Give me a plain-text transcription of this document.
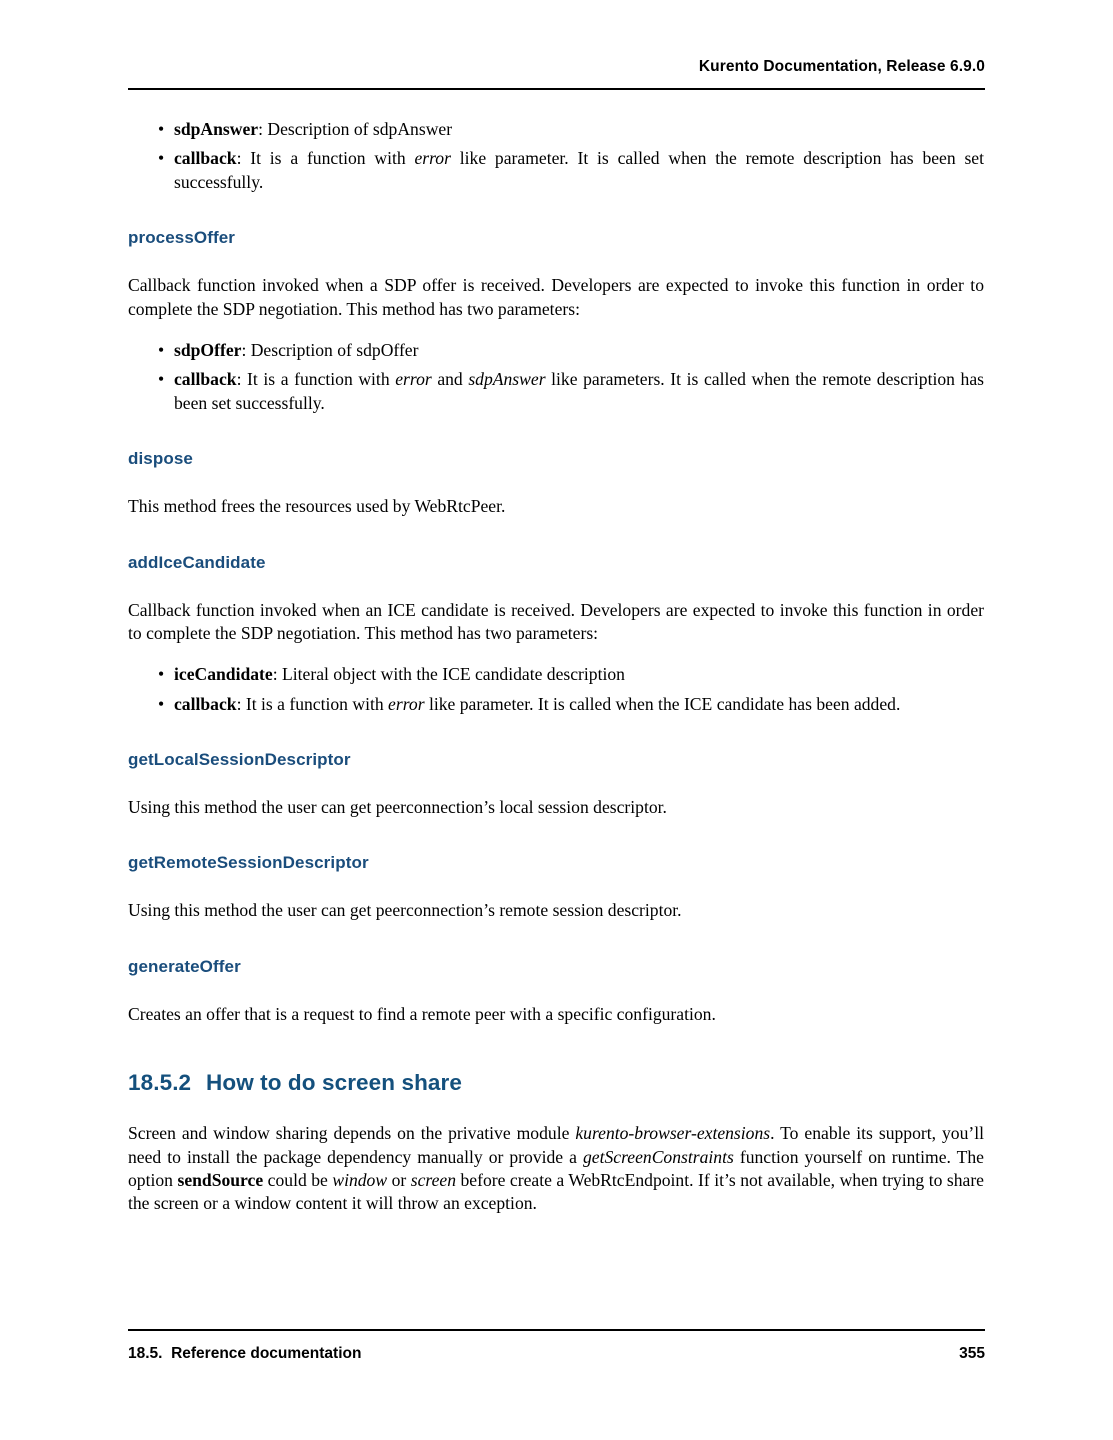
Kurento Documentation, Release 6.9.0
• sdpAnswer: Description of sdpAnswer
• callback: It is a function with error like parameter. It is called when the remote description has been set successfully.
processOffer

Callback function invoked when a SDP offer is received. Developers are expected to invoke this function in order to complete the SDP negotiation. This method has two parameters:

• sdpOffer: Description of sdpOffer
• callback: It is a function with error and sdpAnswer like parameters. It is called when the remote description has been set successfully.
dispose

This method frees the resources used by WebRtcPeer.

addIceCandidate

Callback function invoked when an ICE candidate is received. Developers are expected to invoke this function in order to complete the SDP negotiation. This method has two parameters:

• iceCandidate: Literal object with the ICE candidate description
• callback: It is a function with error like parameter. It is called when the ICE candidate has been added.
getLocalSessionDescriptor

Using this method the user can get peerconnection’s local session descriptor.

getRemoteSessionDescriptor

Using this method the user can get peerconnection’s remote session descriptor.

generateOffer

Creates an offer that is a request to find a remote peer with a specific configuration.

18.5.2 How to do screen share

Screen and window sharing depends on the privative module kurento-browser-extensions. To enable its support, you’ll need to install the package dependency manually or provide a getScreenConstraints function yourself on runtime. The option sendSource could be window or screen before create a WebRtcEndpoint. If it’s not available, when trying to share the screen or a window content it will throw an exception.

18.5.  Reference documentation	355
